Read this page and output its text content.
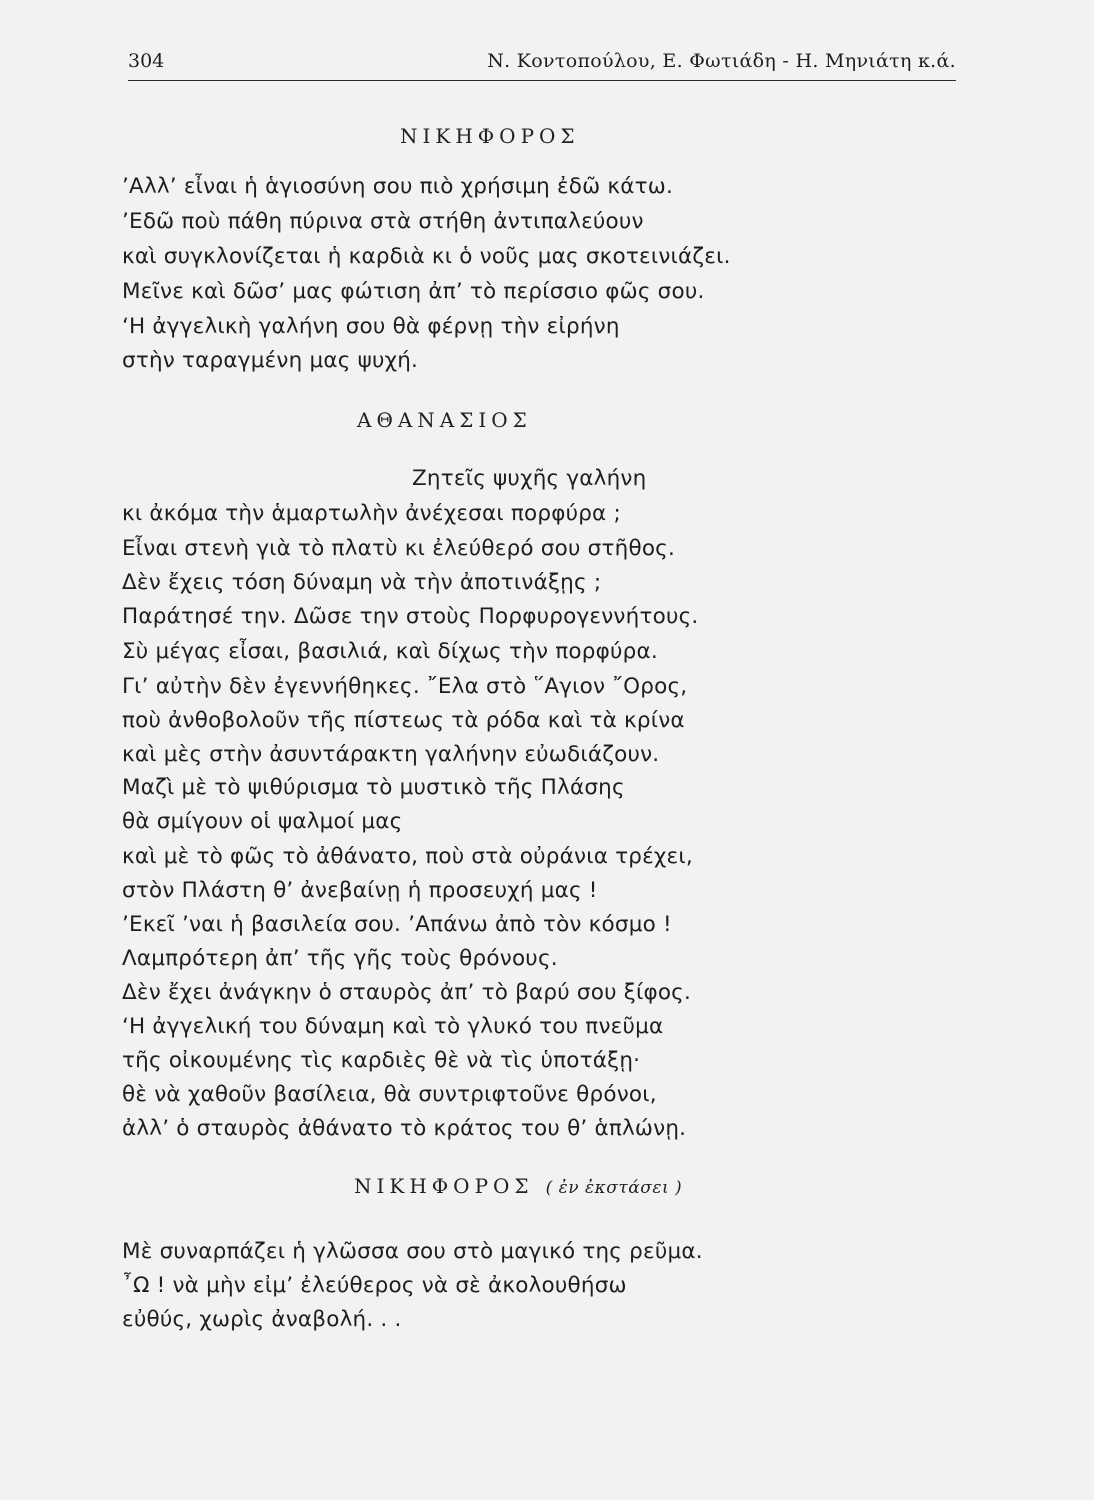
304	Ν. Κοντοπούλου, Ε. Φωτιάδη - Η. Μηνιάτη κ.ά.
ΝΙΚΗΦΟΡΟΣ
’Αλλ’ εἶναι ἡ ἁγιοσύνη σου πιὸ χρήσιμη ἐδῶ κάτω.
’Εδῶ ποὺ πάθη πύρινα στὰ στήθη ἀντιπαλεύουν
καὶ συγκλονίζεται ἡ καρδιὰ κι ὁ νοῦς μας σκοτεινιάζει.
Μεῖνε καὶ δῶσ’ μας φώτιση ἀπ’ τὸ περίσσιο φῶς σου.
‘Η ἀγγελικὴ γαλήνη σου θὰ φέρνῃ τὴν εἰρήνη
στὴν ταραγμένη μας ψυχή.
ΑΘΑΝΑΣΙΟΣ
Ζητεῖς ψυχῆς γαλήνη
κι ἀκόμα τὴν ἁμαρτωλὴν ἀνέχεσαι πορφύρα ;
Εἶναι στενὴ γιὰ τὸ πλατὺ κι ἐλεύθερό σου στῆθος.
Δὲν ἔχεις τόση δύναμη νὰ τὴν ἀποτινάξῃς ;
Παράτησέ την. Δῶσε την στοὺς Πορφυρογεννήτους.
Σὺ μέγας εἶσαι, βασιλιά, καὶ δίχως τὴν πορφύρα.
Γι’ αὐτὴν δὲν ἐγεννήθηκες. ῎Ελα στὸ ῞Αγιον ῎Ορος,
ποὺ ἀνθοβολοῦν τῆς πίστεως τὰ ρόδα καὶ τὰ κρίνα
καὶ μὲς στὴν ἀσυντάρακτη γαλήνην εὐωδιάζουν.
Μαζὶ μὲ τὸ ψιθύρισμα τὸ μυστικὸ τῆς Πλάσης
θὰ σμίγουν οἱ ψαλμοί μας
καὶ μὲ τὸ φῶς τὸ ἀθάνατο, ποὺ στὰ οὐράνια τρέχει,
στὸν Πλάστη θ’ ἀνεβαίνῃ ἡ προσευχή μας !
’Εκεῖ ’ναι ἡ βασιλεία σου. ’Απάνω ἀπὸ τὸν κόσμο !
Λαμπρότερη ἀπ’ τῆς γῆς τοὺς θρόνους.
Δὲν ἔχει ἀνάγκην ὁ σταυρὸς ἀπ’ τὸ βαρύ σου ξίφος.
‘Η ἀγγελική του δύναμη καὶ τὸ γλυκό του πνεῦμα
τῆς οἰκουμένης τὶς καρδιὲς θὲ νὰ τὶς ὑποτάξῃ·
θὲ νὰ χαθοῦν βασίλεια, θὰ συντριφτοῦνε θρόνοι,
ἀλλ’ ὁ σταυρὸς ἀθάνατο τὸ κράτος του θ’ ἁπλώνῃ.
ΝΙΚΗΦΟΡΟΣ ( ἐν ἐκστάσει )
Μὲ συναρπάζει ἡ γλῶσσα σου στὸ μαγικό της ρεῦμα.
῏Ω ! νὰ μὴν εἰμ’ ἐλεύθερος νὰ σὲ ἀκολουθήσω
εὐθύς, χωρὶς ἀναβολή. . .
